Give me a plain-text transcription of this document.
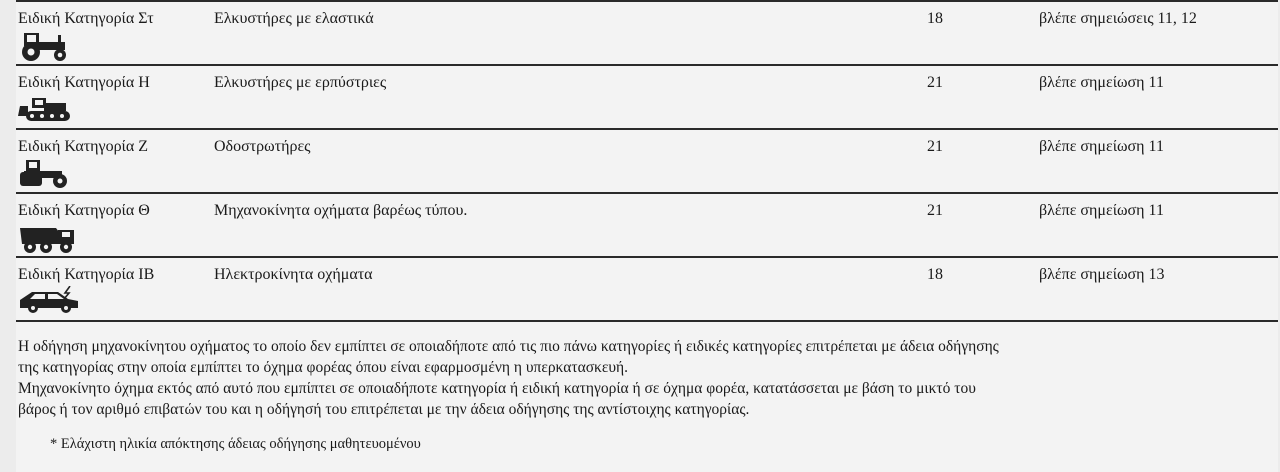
Ειδική Κατηγορία Στ	Ελκυστήρες με ελαστικά	18	βλέπε σημειώσεις 11, 12
Ειδική Κατηγορία Η	Ελκυστήρες με ερπύστριες	21	βλέπε σημείωση 11
Ειδική Κατηγορία Ζ	Οδοστρωτήρες	21	βλέπε σημείωση 11
Ειδική Κατηγορία Θ	Μηχανοκίνητα οχήματα βαρέως τύπου.	21	βλέπε σημείωση 11
Ειδική Κατηγορία ΙΒ	Ηλεκτροκίνητα οχήματα	18	βλέπε σημείωση 13

Η οδήγηση μηχανοκίνητου οχήματος το οποίο δεν εμπίπτει σε οποιαδήποτε από τις πιο πάνω κατηγορίες ή ειδικές κατηγορίες επιτρέπεται με άδεια οδήγησης

της κατηγορίας στην οποία εμπίπτει το όχημα φορέας όπου είναι εφαρμοσμένη η υπερκατασκευή.

Μηχανοκίνητο όχημα εκτός από αυτό που εμπίπτει σε οποιαδήποτε κατηγορία ή ειδική κατηγορία ή σε όχημα φορέα, κατατάσσεται με βάση το μικτό του

βάρος ή τον αριθμό επιβατών του και η οδήγησή του επιτρέπεται με την άδεια οδήγησης της αντίστοιχης κατηγορίας.

* Ελάχιστη ηλικία απόκτησης άδειας οδήγησης μαθητευομένου
